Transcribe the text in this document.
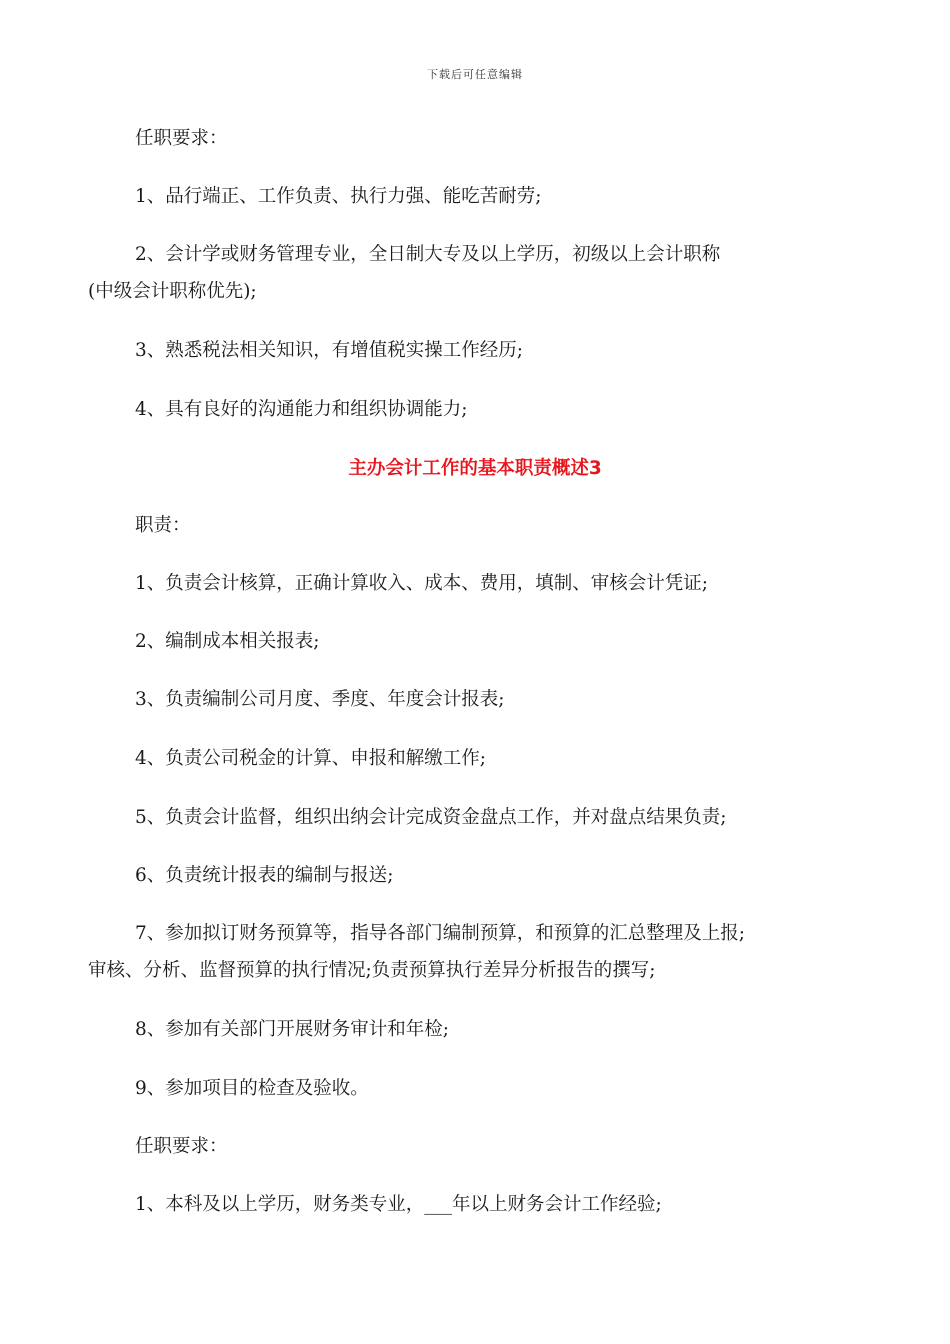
下载后可任意编辑
任职要求：
1、品行端正、工作负责、执行力强、能吃苦耐劳;
2、会计学或财务管理专业，全日制大专及以上学历，初级以上会计职称
(中级会计职称优先);
3、熟悉税法相关知识，有增值税实操工作经历;
4、具有良好的沟通能力和组织协调能力;
主办会计工作的基本职责概述3
职责：
1、负责会计核算，正确计算收入、成本、费用，填制、审核会计凭证;
2、编制成本相关报表;
3、负责编制公司月度、季度、年度会计报表;
4、负责公司税金的计算、申报和解缴工作;
5、负责会计监督，组织出纳会计完成资金盘点工作，并对盘点结果负责;
6、负责统计报表的编制与报送;
7、参加拟订财务预算等，指导各部门编制预算，和预算的汇总整理及上报;
审核、分析、监督预算的执行情况;负责预算执行差异分析报告的撰写;
8、参加有关部门开展财务审计和年检;
9、参加项目的检查及验收。
任职要求：
1、本科及以上学历，财务类专业，___年以上财务会计工作经验;
